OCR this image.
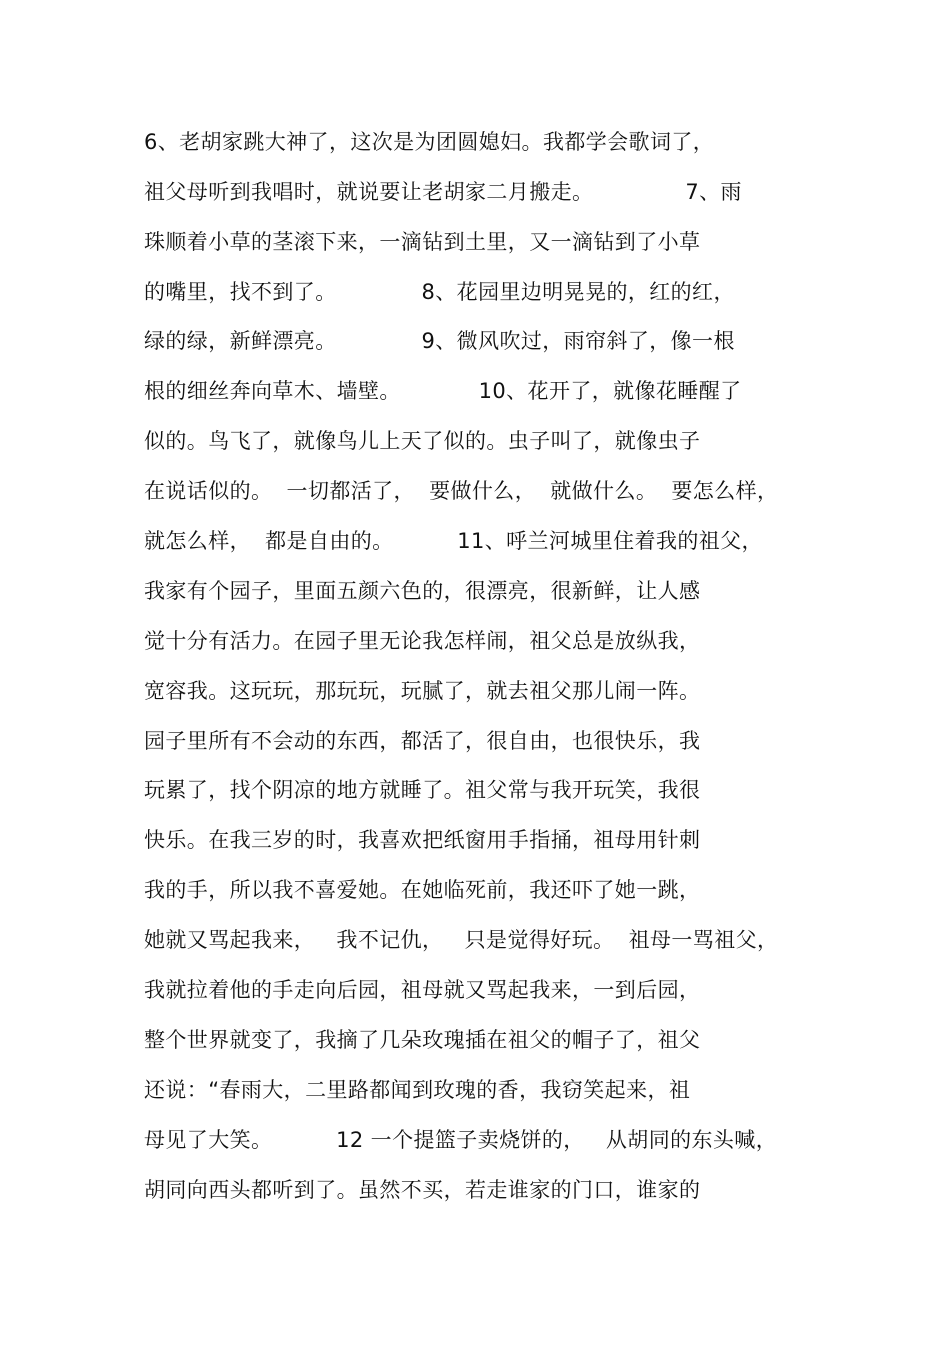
6、老胡家跳大神了，这次是为团圆媳妇。我都学会歌词了，
祖父母听到我唱时，就说要让老胡家二月搬走。             7、雨
珠顺着小草的茎滚下来，一滴钻到土里，又一滴钻到了小草
的嘴里，找不到了。            8、花园里边明晃晃的，红的红，
绿的绿，新鲜漂亮。            9、微风吹过，雨帘斜了，像一根
根的细丝奔向草木、墙壁。           10、花开了，就像花睡醒了
似的。鸟飞了，就像鸟儿上天了似的。虫子叫了，就像虫子
在说话似的。  一切都活了，  要做什么，  就做什么。  要怎么样，
就怎么样，  都是自由的。         11、呼兰河城里住着我的祖父，
我家有个园子，里面五颜六色的，很漂亮，很新鲜，让人感
觉十分有活力。在园子里无论我怎样闹，祖父总是放纵我，
宽容我。这玩玩，那玩玩，玩腻了，就去祖父那儿闹一阵。
园子里所有不会动的东西，都活了，很自由，也很快乐，我
玩累了，找个阴凉的地方就睡了。祖父常与我开玩笑，我很
快乐。在我三岁的时，我喜欢把纸窗用手指捅，祖母用针刺
我的手，所以我不喜爱她。在她临死前，我还吓了她一跳，
她就又骂起我来，   我不记仇，   只是觉得好玩。  祖母一骂祖父，
我就拉着他的手走向后园，祖母就又骂起我来，一到后园，
整个世界就变了，我摘了几朵玫瑰插在祖父的帽子了，祖父
还说：“春雨大，二里路都闻到玫瑰的香，我窃笑起来，祖
母见了大笑。         12 一个提篮子卖烧饼的，   从胡同的东头喊，
胡同向西头都听到了。虽然不买，若走谁家的门口，谁家的
